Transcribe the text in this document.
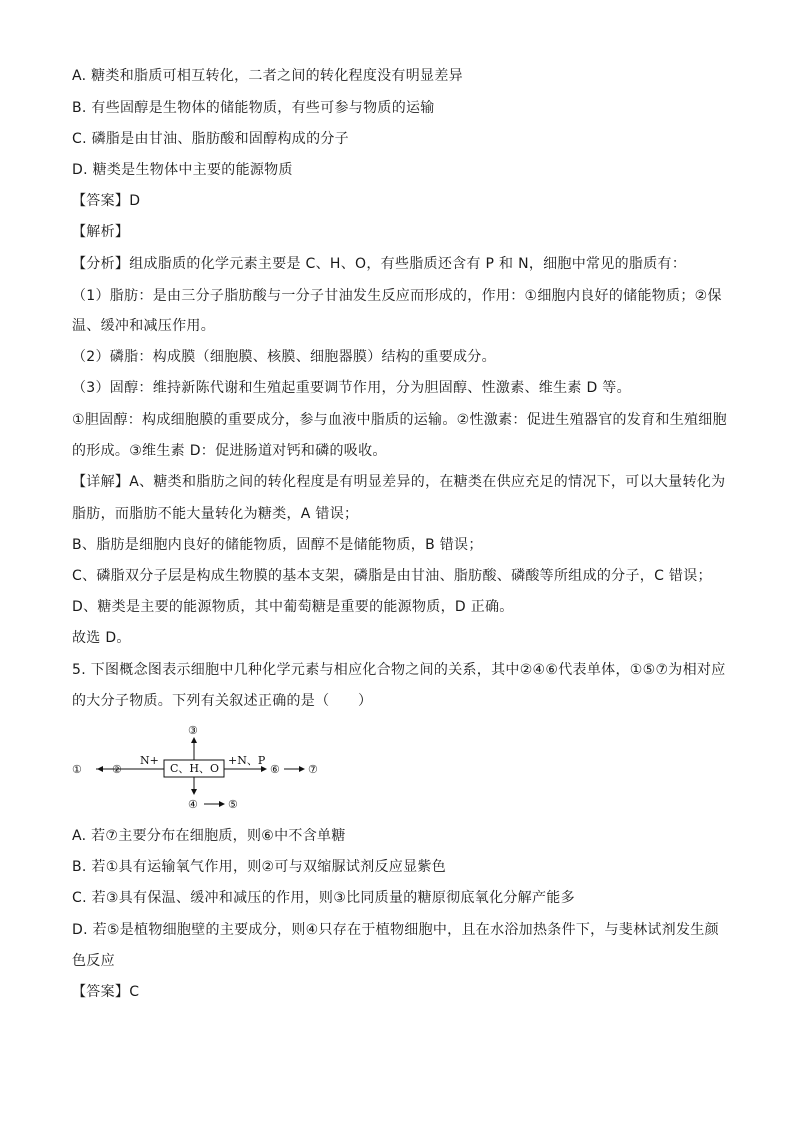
A. 糖类和脂质可相互转化，二者之间的转化程度没有明显差异
B. 有些固醇是生物体的储能物质，有些可参与物质的运输
C. 磷脂是由甘油、脂肪酸和固醇构成的分子
D. 糖类是生物体中主要的能源物质
【答案】D
【解析】
【分析】组成脂质的化学元素主要是 C、H、O，有些脂质还含有 P 和 N，细胞中常见的脂质有：
（1）脂肪：是由三分子脂肪酸与一分子甘油发生反应而形成的，作用：①细胞内良好的储能物质；②保
温、缓冲和减压作用。
（2）磷脂：构成膜（细胞膜、核膜、细胞器膜）结构的重要成分。
（3）固醇：维持新陈代谢和生殖起重要调节作用，分为胆固醇、性激素、维生素 D 等。
①胆固醇：构成细胞膜的重要成分，参与血液中脂质的运输。②性激素：促进生殖器官的发育和生殖细胞
的形成。③维生素 D：促进肠道对钙和磷的吸收。
【详解】A、糖类和脂肪之间的转化程度是有明显差异的，在糖类在供应充足的情况下，可以大量转化为
脂肪，而脂肪不能大量转化为糖类，A 错误；
B、脂肪是细胞内良好的储能物质，固醇不是储能物质，B 错误；
C、磷脂双分子层是构成生物膜的基本支架，磷脂是由甘油、脂肪酸、磷酸等所组成的分子，C 错误；
D、糖类是主要的能源物质，其中葡萄糖是重要的能源物质，D 正确。
故选 D。
5. 下图概念图表示细胞中几种化学元素与相应化合物之间的关系，其中②④⑥代表单体，①⑤⑦为相对应
的大分子物质。下列有关叙述正确的是（　　）
C、H、O
N+
①	②
③
+N、P
⑥	⑦
④	⑤
A. 若⑦主要分布在细胞质，则⑥中不含单糖
B. 若①具有运输氧气作用，则②可与双缩脲试剂反应显紫色
C. 若③具有保温、缓冲和减压的作用，则③比同质量的糖原彻底氧化分解产能多
D. 若⑤是植物细胞壁的主要成分，则④只存在于植物细胞中，且在水浴加热条件下，与斐林试剂发生颜
色反应
【答案】C
